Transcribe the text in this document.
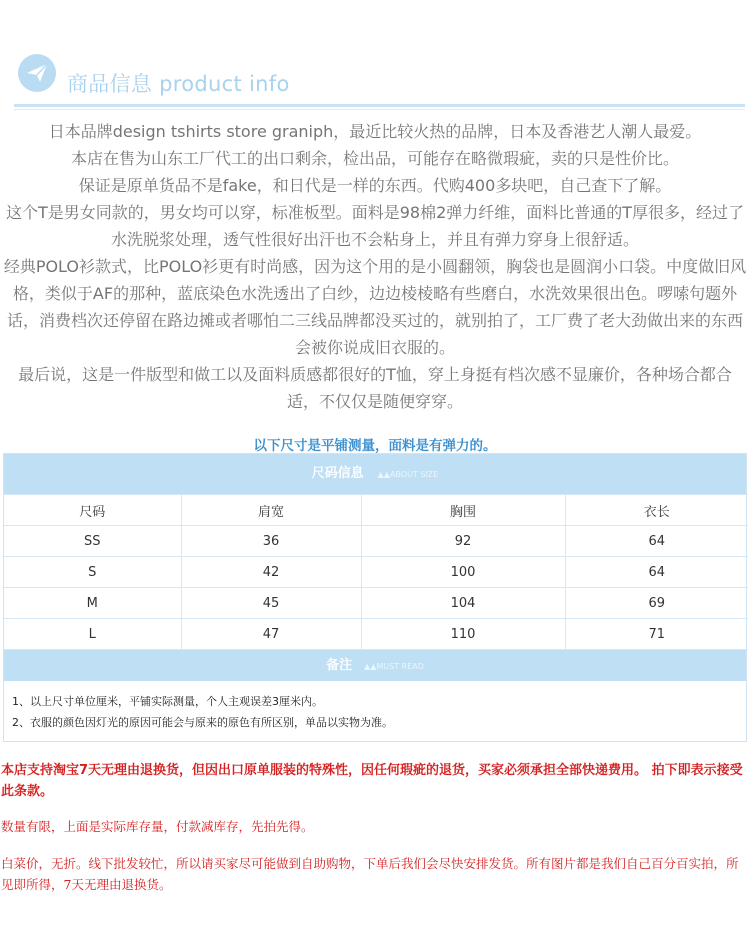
商品信息 product info

日本品牌design tshirts store graniph，最近比较火热的品牌，日本及香港艺人潮人最爱。

本店在售为山东工厂代工的出口剩余，检出品，可能存在略微瑕疵，卖的只是性价比。

保证是原单货品不是fake，和日代是一样的东西。代购400多块吧，自己查下了解。

这个T是男女同款的，男女均可以穿，标准板型。面料是98棉2弹力纤维，面料比普通的T厚很多，经过了水洗脱浆处理，透气性很好出汗也不会粘身上，并且有弹力穿身上很舒适。

经典POLO衫款式，比POLO衫更有时尚感，因为这个用的是小圆翻领，胸袋也是圆润小口袋。中度做旧风格，类似于AF的那种，蓝底染色水洗透出了白纱，边边棱棱略有些磨白，水洗效果很出色。啰嗦句题外话，消费档次还停留在路边摊或者哪怕二三线品牌都没买过的，就别拍了，工厂费了老大劲做出来的东西会被你说成旧衣服的。

最后说，这是一件版型和做工以及面料质感都很好的T恤，穿上身挺有档次感不显廉价，各种场合都合适，不仅仅是随便穿穿。

以下尺寸是平铺测量，面料是有弹力的。
尺码信息 ▲▲ABOUT SIZE
尺码	肩宽	胸围	衣长
SS	36	92	64
S	42	100	64
M	45	104	69
L	47	110	71
备注 ▲▲MUST READ

1、以上尺寸单位厘米，平铺实际测量，个人主观误差3厘米内。

2、衣服的颜色因灯光的原因可能会与原来的原色有所区别，单品以实物为准。

本店支持淘宝7天无理由退换货，但因出口原单服装的特殊性，因任何瑕疵的退货，买家必须承担全部快递费用。 拍下即表示接受此条款。
数量有限，上面是实际库存量，付款减库存，先拍先得。
白菜价，无折。线下批发较忙，所以请买家尽可能做到自助购物，下单后我们会尽快安排发货。所有图片都是我们自己百分百实拍，所见即所得，7天无理由退换货。
